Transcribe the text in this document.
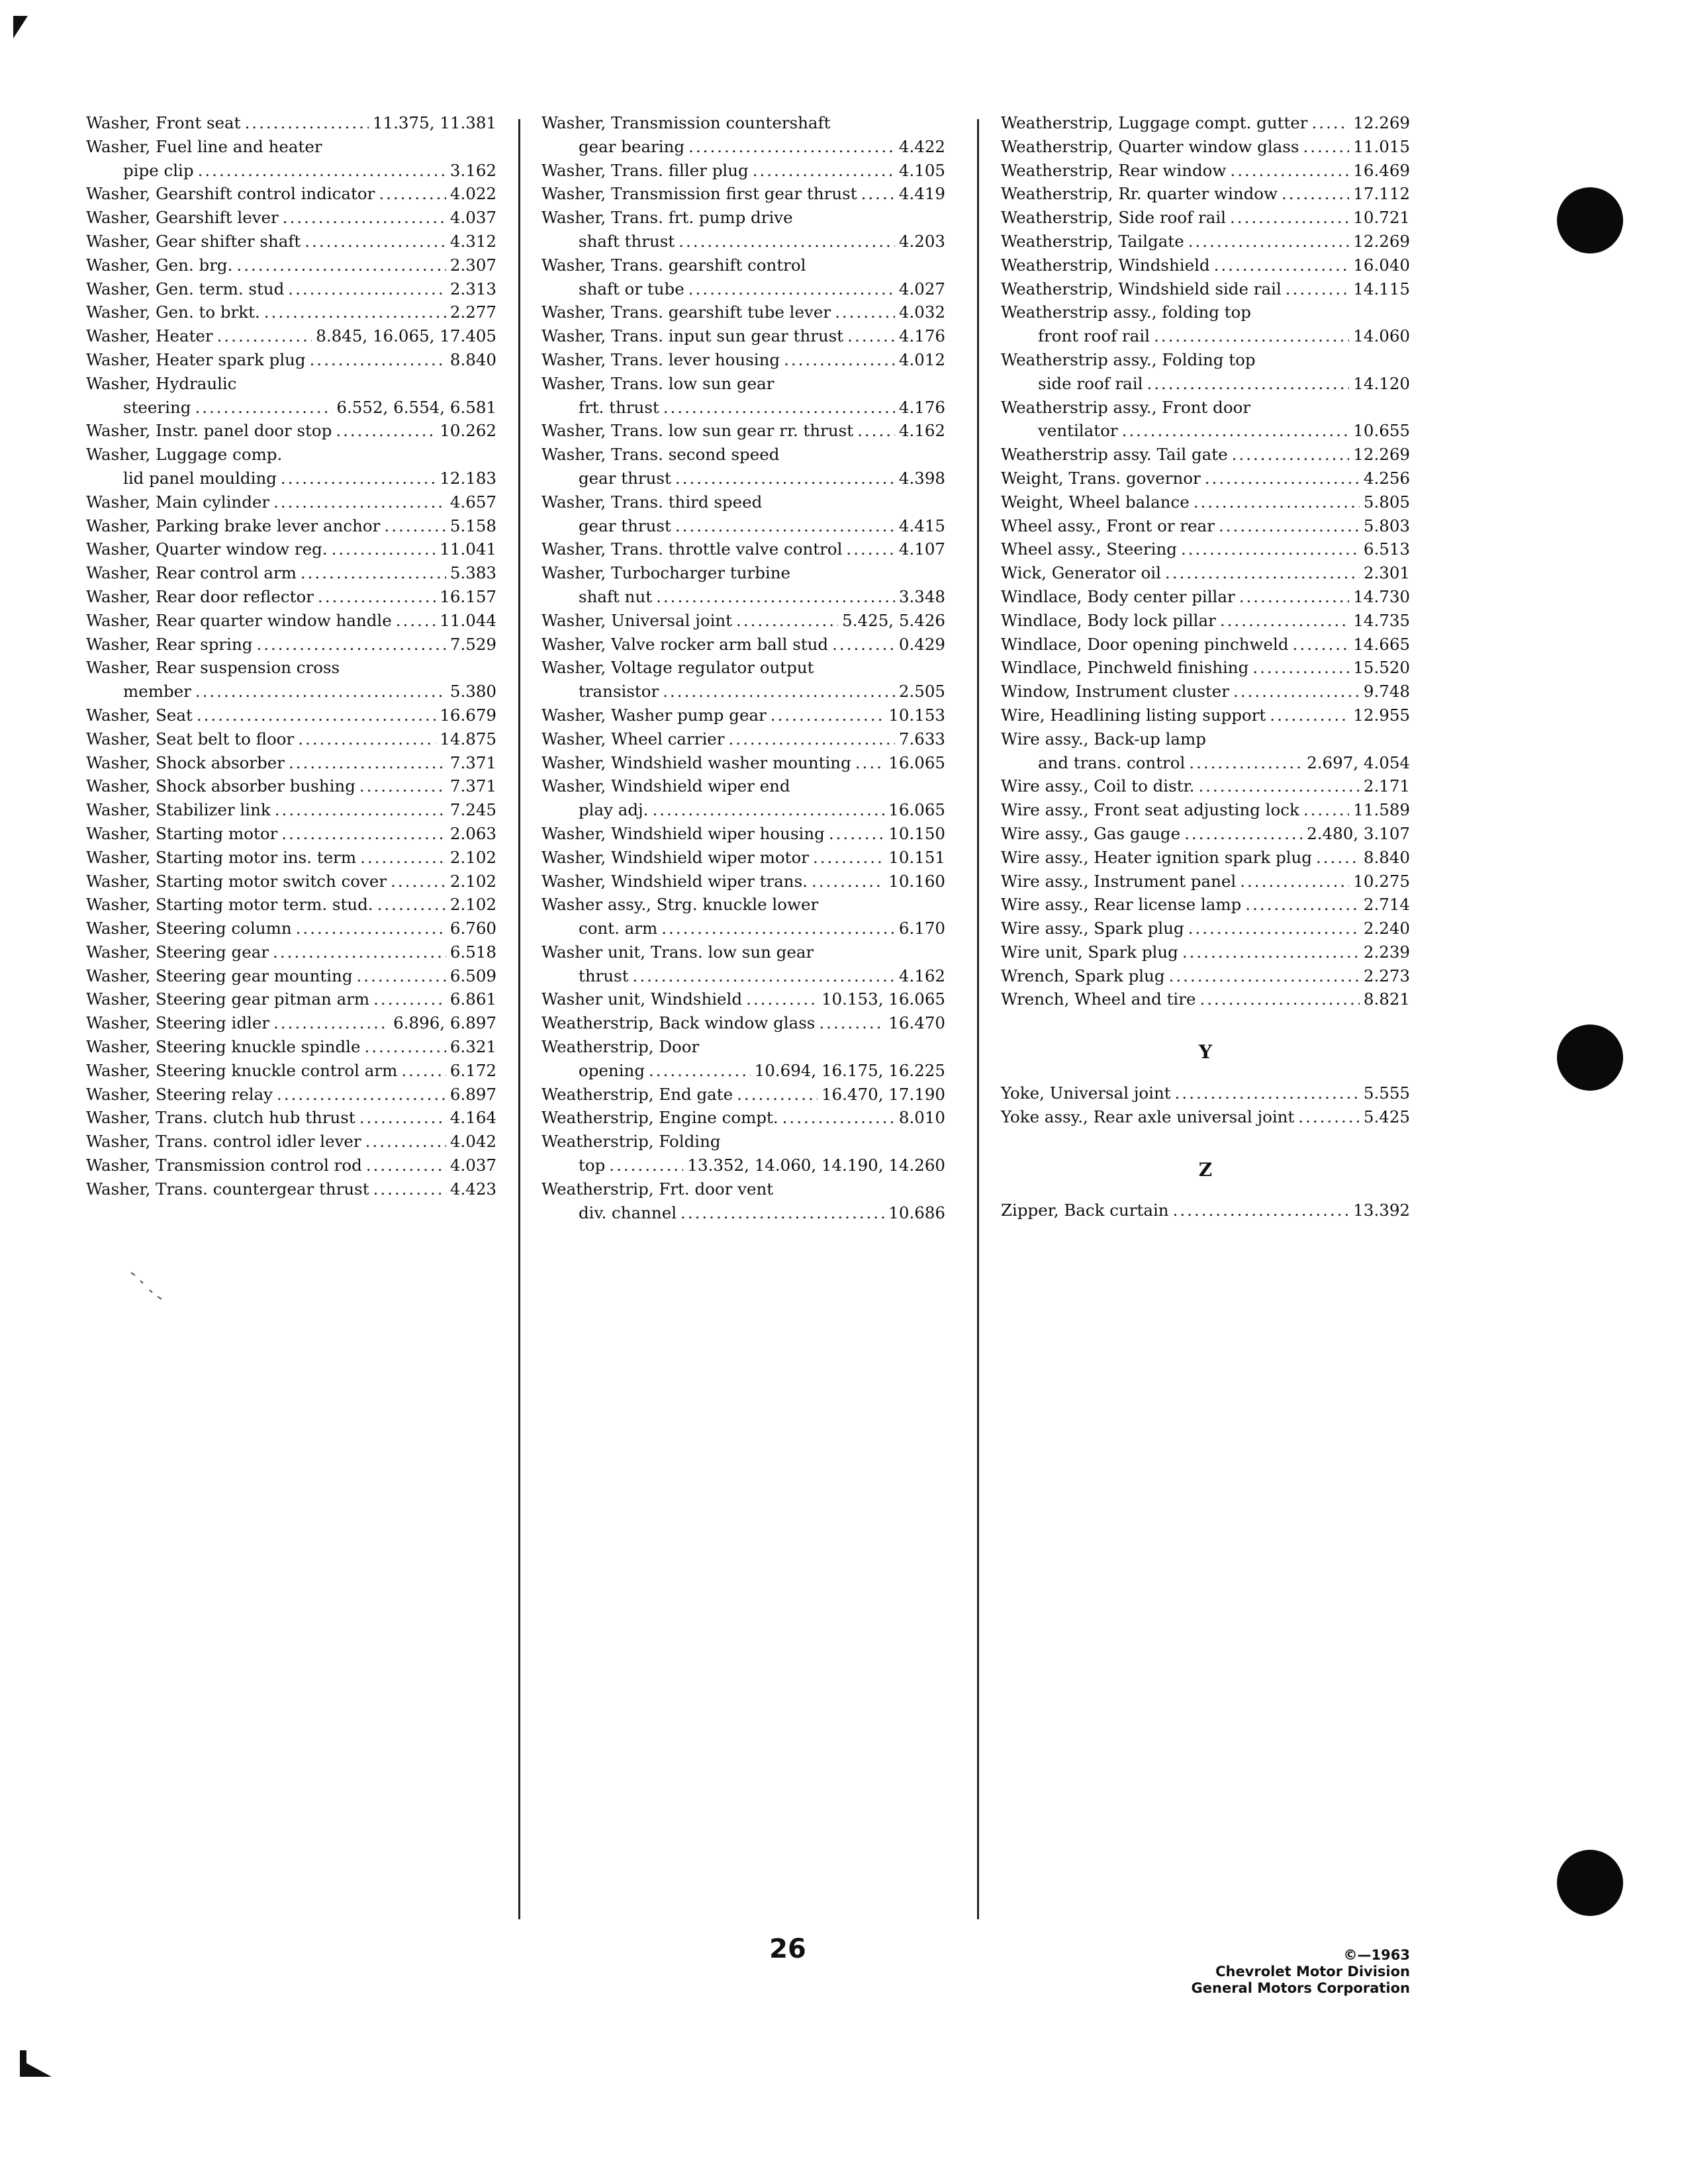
Washer, Front seat .....	11.375, 11.381
Washer, Fuel line and heater
pipe clip .....	3.162
Washer, Gearshift control indicator .....	4.022
Washer, Gearshift lever .....	4.037
Washer, Gear shifter shaft .....	4.312
Washer, Gen. brg. .....	2.307
Washer, Gen. term. stud .....	2.313
Washer, Gen. to brkt. .....	2.277
Washer, Heater .....	8.845, 16.065, 17.405
Washer, Heater spark plug .....	8.840
Washer, Hydraulic
steering .....	6.552, 6.554, 6.581
Washer, Instr. panel door stop .....	10.262
Washer, Luggage comp.
lid panel moulding .....	12.183
Washer, Main cylinder .....	4.657
Washer, Parking brake lever anchor .....	5.158
Washer, Quarter window reg. .....	11.041
Washer, Rear control arm .....	5.383
Washer, Rear door reflector .....	16.157
Washer, Rear quarter window handle .....	11.044
Washer, Rear spring .....	7.529
Washer, Rear suspension cross
member .....	5.380
Washer, Seat .....	16.679
Washer, Seat belt to floor .....	14.875
Washer, Shock absorber .....	7.371
Washer, Shock absorber bushing .....	7.371
Washer, Stabilizer link .....	7.245
Washer, Starting motor .....	2.063
Washer, Starting motor ins. term .....	2.102
Washer, Starting motor switch cover .....	2.102
Washer, Starting motor term. stud. .....	2.102
Washer, Steering column .....	6.760
Washer, Steering gear .....	6.518
Washer, Steering gear mounting .....	6.509
Washer, Steering gear pitman arm .....	6.861
Washer, Steering idler .....	6.896, 6.897
Washer, Steering knuckle spindle .....	6.321
Washer, Steering knuckle control arm .....	6.172
Washer, Steering relay .....	6.897
Washer, Trans. clutch hub thrust .....	4.164
Washer, Trans. control idler lever .....	4.042
Washer, Transmission control rod .....	4.037
Washer, Trans. countergear thrust .....	4.423
Washer, Transmission countershaft
gear bearing .....	4.422
Washer, Trans. filler plug .....	4.105
Washer, Transmission first gear thrust .....	4.419
Washer, Trans. frt. pump drive
shaft thrust .....	4.203
Washer, Trans. gearshift control
shaft or tube .....	4.027
Washer, Trans. gearshift tube lever .....	4.032
Washer, Trans. input sun gear thrust .....	4.176
Washer, Trans. lever housing .....	4.012
Washer, Trans. low sun gear
frt. thrust .....	4.176
Washer, Trans. low sun gear rr. thrust .....	4.162
Washer, Trans. second speed
gear thrust .....	4.398
Washer, Trans. third speed
gear thrust .....	4.415
Washer, Trans. throttle valve control .....	4.107
Washer, Turbocharger turbine
shaft nut .....	3.348
Washer, Universal joint .....	5.425, 5.426
Washer, Valve rocker arm ball stud .....	0.429
Washer, Voltage regulator output
transistor .....	2.505
Washer, Washer pump gear .....	10.153
Washer, Wheel carrier .....	7.633
Washer, Windshield washer mounting ..... 16.065
Washer, Windshield wiper end
play adj. .....	16.065
Washer, Windshield wiper housing .....	10.150
Washer, Windshield wiper motor .....	10.151
Washer, Windshield wiper trans. .....	10.160
Washer assy., Strg. knuckle lower
cont. arm .....	6.170
Washer unit, Trans. low sun gear
thrust .....	4.162
Washer unit, Windshield .....	10.153, 16.065
Weatherstrip, Back window glass .....	16.470
Weatherstrip, Door
opening .....	10.694, 16.175, 16.225
Weatherstrip, End gate .....	16.470, 17.190
Weatherstrip, Engine compt. .....	8.010
Weatherstrip, Folding
top .....	13.352, 14.060, 14.190, 14.260
Weatherstrip, Frt. door vent
div. channel .....	10.686
Weatherstrip, Luggage compt. gutter .....	12.269
Weatherstrip, Quarter window glass .....	11.015
Weatherstrip, Rear window .....	16.469
Weatherstrip, Rr. quarter window .....	17.112
Weatherstrip, Side roof rail .....	10.721
Weatherstrip, Tailgate .....	12.269
Weatherstrip, Windshield .....	16.040
Weatherstrip, Windshield side rail .....	14.115
Weatherstrip assy., folding top
front roof rail .....	14.060
Weatherstrip assy., Folding top
side roof rail .....	14.120
Weatherstrip assy., Front door
ventilator .....	10.655
Weatherstrip assy. Tail gate .....	12.269
Weight, Trans. governor .....	4.256
Weight, Wheel balance .....	5.805
Wheel assy., Front or rear .....	5.803
Wheel assy., Steering .....	6.513
Wick, Generator oil .....	2.301
Windlace, Body center pillar .....	14.730
Windlace, Body lock pillar .....	14.735
Windlace, Door opening pinchweld .....	14.665
Windlace, Pinchweld finishing .....	15.520
Window, Instrument cluster .....	9.748
Wire, Headlining listing support .....	12.955
Wire assy., Back-up lamp
and trans. control .....	2.697, 4.054
Wire assy., Coil to distr. .....	2.171
Wire assy., Front seat adjusting lock .....	11.589
Wire assy., Gas gauge .....	2.480, 3.107
Wire assy., Heater ignition spark plug .....	8.840
Wire assy., Instrument panel .....	10.275
Wire assy., Rear license lamp .....	2.714
Wire assy., Spark plug .....	2.240
Wire unit, Spark plug .....	2.239
Wrench, Spark plug .....	2.273
Wrench, Wheel and tire .....	8.821
Y
Yoke, Universal joint .....	5.555
Yoke assy., Rear axle universal joint .....	5.425
Z
Zipper, Back curtain .....	13.392
26	©—1963
Chevrolet Motor Division
General Motors Corporation
